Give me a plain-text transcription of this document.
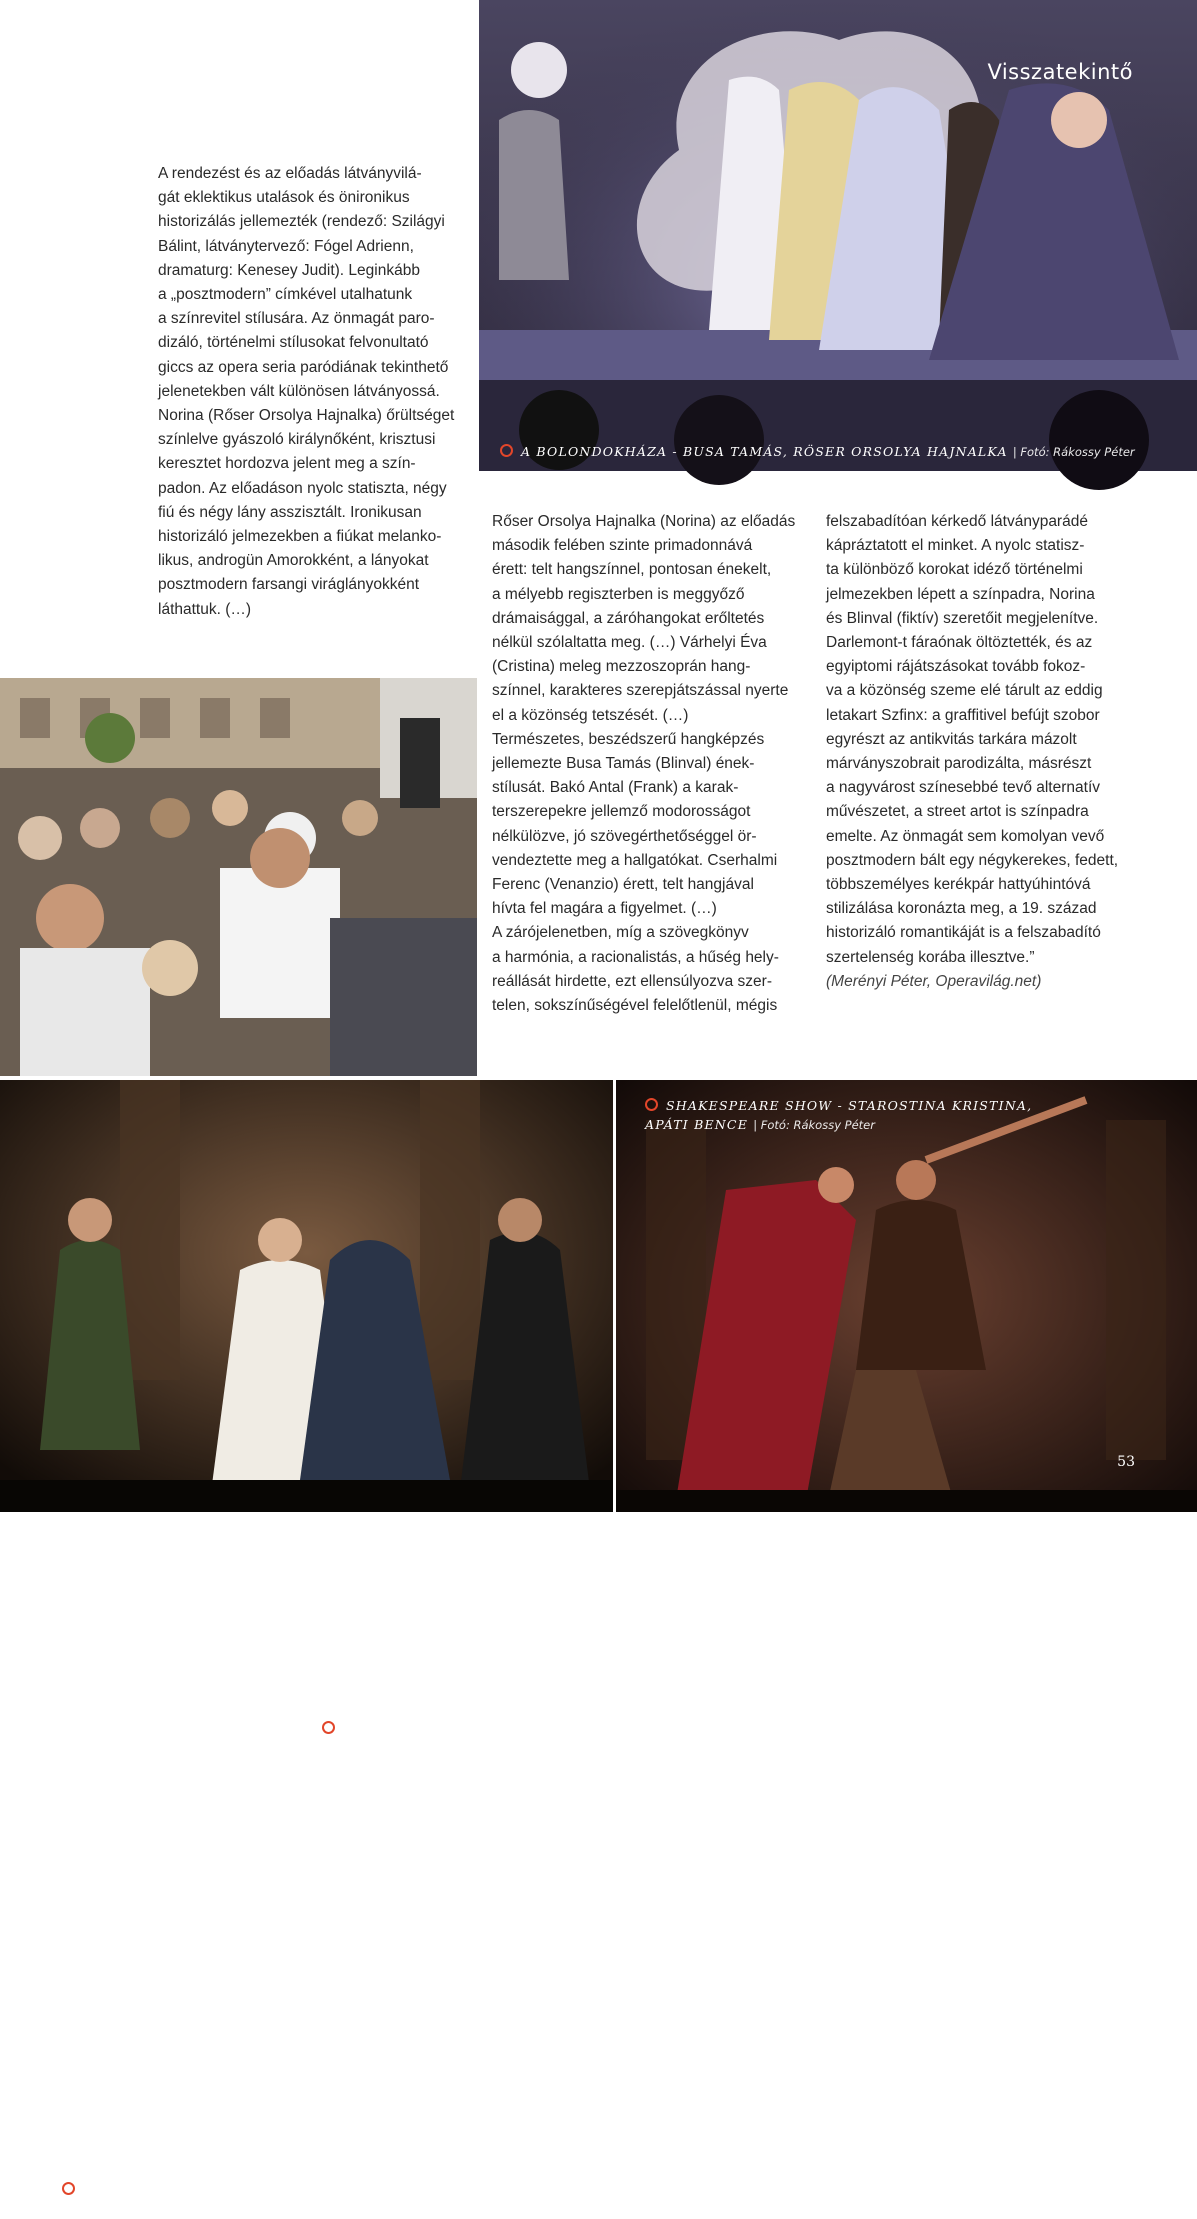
Visszatekintő
A BOLONDOKHÁZA - BUSA TAMÁS, RÖSER ORSOLYA HAJNALKA | Fotó: Rákossy Péter

A rendezést és az előadás látványvilá-

gát eklektikus utalások és önironikus

historizálás jellemezték (rendező: Szilágyi

Bálint, látványtervező: Fógel Adrienn,

dramaturg: Kenesey Judit). Leginkább

a „posztmodern” címkével utalhatunk

a színrevitel stílusára. Az önmagát paro-

dizáló, történelmi stílusokat felvonultató

giccs az opera seria paródiának tekinthető

jelenetekben vált különösen látványossá.

Norina (Rőser Orsolya Hajnalka) őrültséget

színlelve gyászoló királynőként, krisztusi

keresztet hordozva jelent meg a szín-

padon. Az előadáson nyolc statiszta, négy

fiú és négy lány asszisztált. Ironikusan

historizáló jelmezekben a fiúkat melanko-

likus, androgün Amorokként, a lányokat

posztmodern farsangi viráglányokként

láthattuk. (…)

Fotó: Rákossy Péter

Rőser Orsolya Hajnalka (Norina) az előadás

második felében szinte primadonnává

érett: telt hangszínnel, pontosan énekelt,

a mélyebb regiszterben is meggyőző

drámaisággal, a záróhangokat erőltetés

nélkül szólaltatta meg. (…) Várhelyi Éva

(Cristina) meleg mezzoszoprán hang-

színnel, karakteres szerepjátszással nyerte

el a közönség tetszését. (…)

Természetes, beszédszerű hangképzés

jellemezte Busa Tamás (Blinval) ének-

stílusát. Bakó Antal (Frank) a karak-

terszerepekre jellemző modorosságot

nélkülözve, jó szövegérthetőséggel ör-

vendeztette meg a hallgatókat. Cserhalmi

Ferenc (Venanzio) érett, telt hangjával

hívta fel magára a figyelmet. (…)

A zárójelenetben, míg a szövegkönyv

a harmónia, a racionalistás, a hűség hely-

reállását hirdette, ezt ellensúlyozva szer-

telen, sokszínűségével felelőtlenül, mégis

felszabadítóan kérkedő látványparádé

kápráztatott el minket. A nyolc statisz-

ta különböző korokat idéző történelmi

jelmezekben lépett a színpadra, Norina

és Blinval (fiktív) szeretőit megjelenítve.

Darlemont-t fáraónak öltöztették, és az

egyiptomi rájátszásokat tovább fokoz-

va a közönség szeme elé tárult az eddig

letakart Szfinx: a graffitivel befújt szobor

egyrészt az antikvitás tarkára mázolt

márványszobrait parodizálta, másrészt

a nagyvárost színesebbé tevő alternatív

művészetet, a street artot is színpadra

emelte. Az önmagát sem komolyan vevő

posztmodern bált egy négykerekes, fedett,

többszemélyes kerékpár hattyúhintóvá

stilizálása koronázta meg, a 19. század

historizáló romantikáját is a felszabadító

szertelenség korába illesztve.”

(Merényi Péter, Operavilág.net)

SHAKESPEARE SHOW - GÁSPÁR ANDRÁS, SÁFÁR
ORSOLYA, KÁLLOY MOLNÁR PÉTER | Fotó: Rákossy Péter
SHAKESPEARE SHOW - STAROSTINA KRISTINA,
APÁTI BENCE | Fotó: Rákossy Péter
53
